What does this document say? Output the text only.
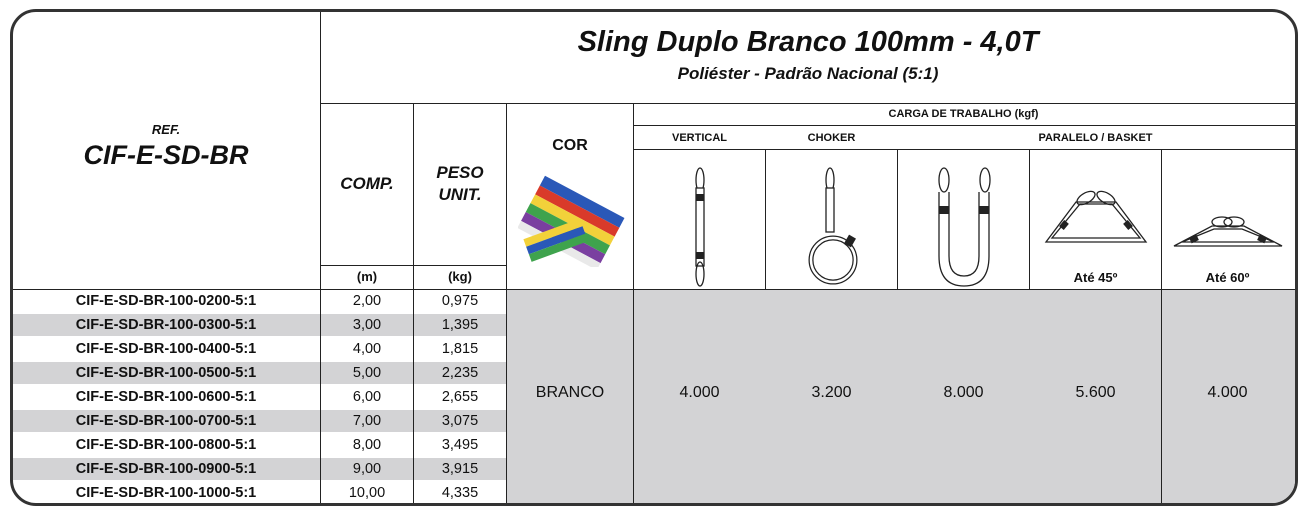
Sling Duplo Branco 100mm - 4,0T
Poliéster - Padrão Nacional (5:1)
REF.
CIF-E-SD-BR
COMP.
PESO
UNIT.
COR
(m)	(kg)
CARGA DE TRABALHO (kgf)
VERTICAL	CHOKER	PARALELO / BASKET
Até 45º	Até 60º
CIF-E-SD-BR-100-0200-5:1	2,00	0,975
CIF-E-SD-BR-100-0300-5:1	3,00	1,395
CIF-E-SD-BR-100-0400-5:1	4,00	1,815
CIF-E-SD-BR-100-0500-5:1	5,00	2,235
CIF-E-SD-BR-100-0600-5:1	6,00	2,655
CIF-E-SD-BR-100-0700-5:1	7,00	3,075
CIF-E-SD-BR-100-0800-5:1	8,00	3,495
CIF-E-SD-BR-100-0900-5:1	9,00	3,915
CIF-E-SD-BR-100-1000-5:1	10,00	4,335
BRANCO	4.000	3.200	8.000	5.600	4.000
